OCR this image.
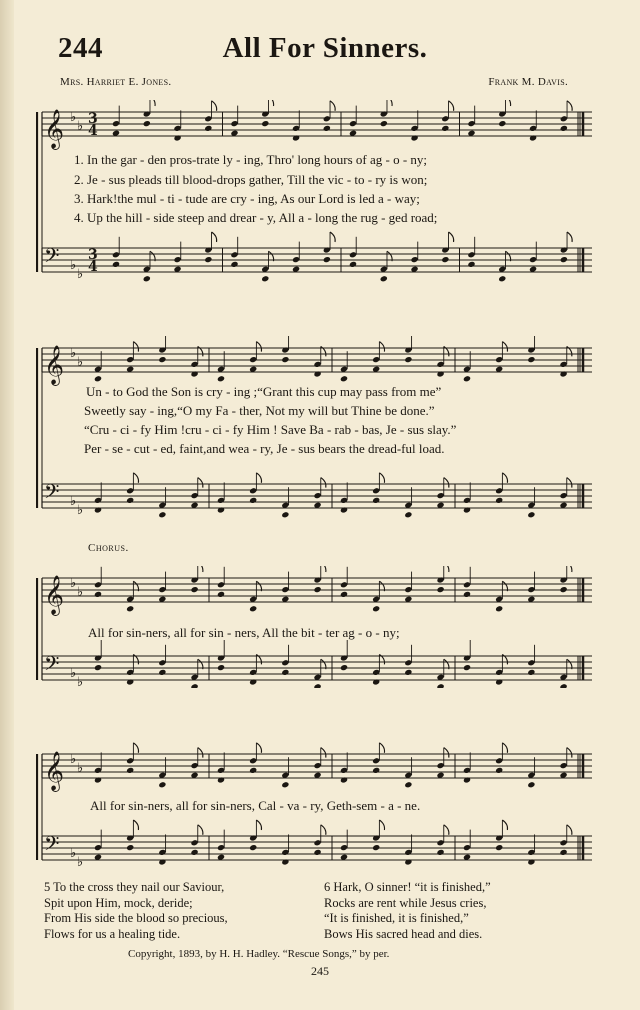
244	All For Sinners.
Mrs. Harriet E. Jones.	Frank M. Davis.
𝄞 ♭
♭ 3
4
𝄢 ♭
♭
3
4
1. In the gar - den pros-trate ly - ing, Thro' long hours of ag - o - ny;
2. Je - sus pleads till blood-drops gather, Till the vic - to - ry is won;
3. Hark!the mul - ti - tude are cry - ing, As our Lord is led a - way;
4. Up the hill - side steep and drear - y, All a - long the rug - ged road;
𝄞 ♭
♭
𝄢 ♭
♭
Un - to God the Son is cry - ing ;“Grant this cup may pass from me”
Sweetly say - ing,“O my Fa - ther, Not my will but Thine be done.”
“Cru - ci - fy Him !cru - ci - fy Him ! Save Ba - rab - bas, Je - sus slay.”
Per - se - cut - ed, faint,and wea - ry, Je - sus bears the dread-ful load.
Chorus.
𝄞 ♭
♭
𝄢 ♭
♭
All for sin-ners, all for sin - ners, All the bit - ter ag - o - ny;
𝄞 ♭
♭
𝄢 ♭
♭
All for sin-ners, all for sin-ners, Cal - va - ry, Geth-sem - a - ne.
5 To the cross they nail our Saviour,
Spit upon Him, mock, deride;
From His side the blood so precious,
Flows for us a healing tide.
6 Hark, O sinner! “it is finished,”
Rocks are rent while Jesus cries,
“It is finished, it is finished,”
Bows His sacred head and dies.
Copyright, 1893, by H. H. Hadley. “Rescue Songs,” by per.
245
